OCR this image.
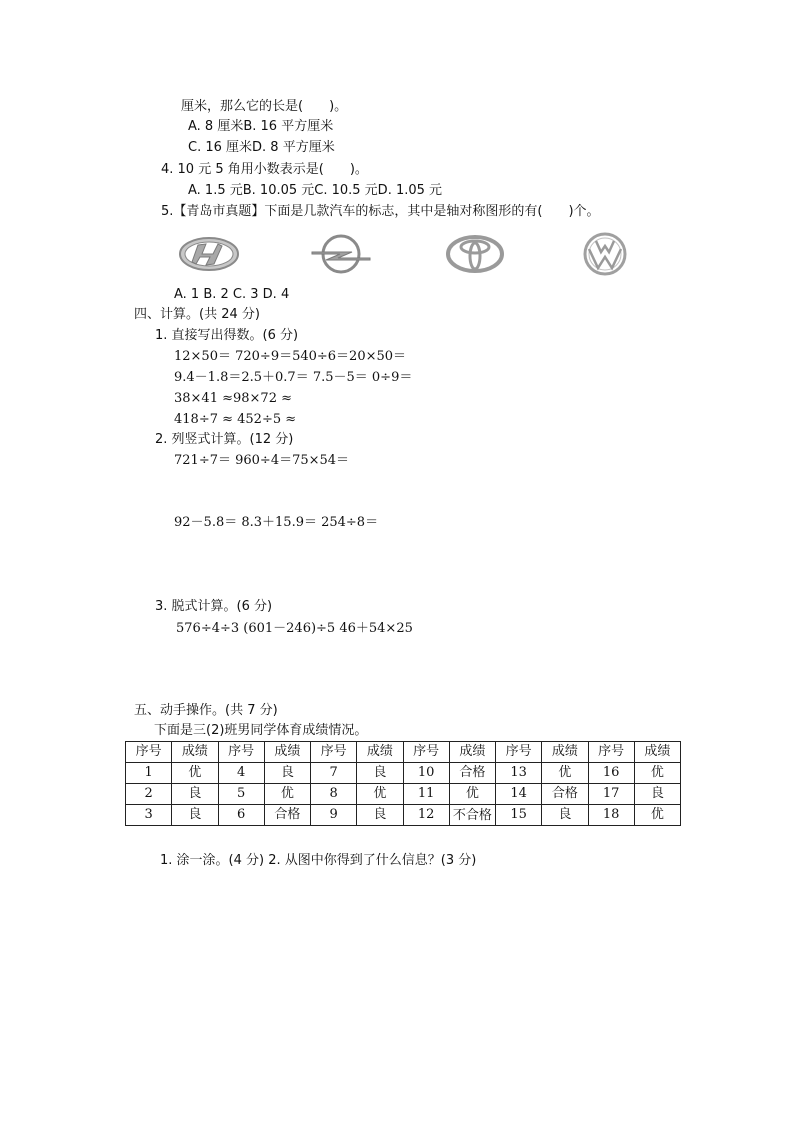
厘米，那么它的长是(　　)。
A. 8 厘米B. 16 平方厘米
C. 16 厘米D. 8 平方厘米
4. 10 元 5 角用小数表示是(　　)。
A. 1.5 元B. 10.05 元C. 10.5 元D. 1.05 元
5.【青岛市真题】下面是几款汽车的标志，其中是轴对称图形的有(　　)个。
A. 1 B. 2 C. 3 D. 4
四、计算。(共 24 分)
1. 直接写出得数。(6 分)
12×50＝ 720÷9＝540÷6＝20×50＝
9.4－1.8＝2.5＋0.7＝ 7.5－5＝ 0÷9＝
38×41 ≈98×72 ≈
418÷7 ≈ 452÷5 ≈
2. 列竖式计算。(12 分)
721÷7＝ 960÷4＝75×54＝
92－5.8＝ 8.3＋15.9＝ 254÷8＝
3. 脱式计算。(6 分)
576÷4÷3 (601－246)÷5 46＋54×25
五、动手操作。(共 7 分)
下面是三(2)班男同学体育成绩情况。
序号	成绩	序号	成绩	序号	成绩	序号	成绩	序号	成绩	序号	成绩
1	优	4	良	7	良	10	合格	13	优	16	优
2	良	5	优	8	优	11	优	14	合格	17	良
3	良	6	合格	9	良	12	不合格	15	良	18	优
1. 涂一涂。(4 分) 2. 从图中你得到了什么信息？(3 分)
